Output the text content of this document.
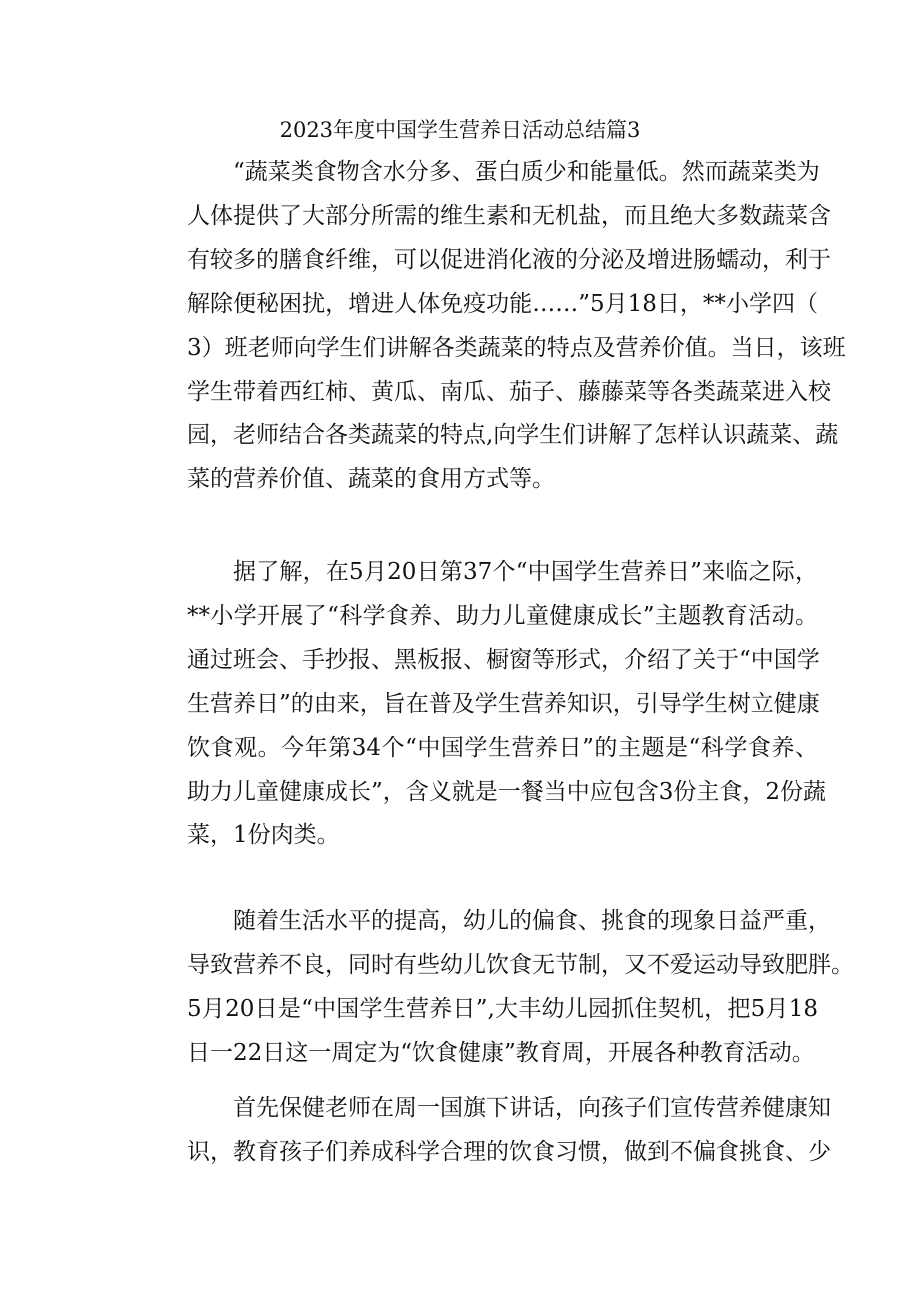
2023年度中国学生营养日活动总结篇3
“蔬菜类食物含水分多、蛋白质少和能量低。然而蔬菜类为
人体提供了大部分所需的维生素和无机盐，而且绝大多数蔬菜含
有较多的膳食纤维，可以促进消化液的分泌及增进肠蠕动，利于
解除便秘困扰，增进人体免疫功能……”5月18日，**小学四（
3）班老师向学生们讲解各类蔬菜的特点及营养价值。当日，该班
学生带着西红柿、黄瓜、南瓜、茄子、藤藤菜等各类蔬菜进入校
园，老师结合各类蔬菜的特点,向学生们讲解了怎样认识蔬菜、蔬
菜的营养价值、蔬菜的食用方式等。
据了解，在5月20日第37个“中国学生营养日”来临之际，
**小学开展了“科学食养、助力儿童健康成长”主题教育活动。
通过班会、手抄报、黑板报、橱窗等形式，介绍了关于“中国学
生营养日”的由来，旨在普及学生营养知识，引导学生树立健康
饮食观。今年第34个“中国学生营养日”的主题是“科学食养、
助力儿童健康成长”，含义就是一餐当中应包含3份主食，2份蔬
菜，1份肉类。
随着生活水平的提高，幼儿的偏食、挑食的现象日益严重，
导致营养不良，同时有些幼儿饮食无节制，又不爱运动导致肥胖。
5月20日是“中国学生营养日”,大丰幼儿园抓住契机，把5月18
日一22日这一周定为“饮食健康”教育周，开展各种教育活动。
首先保健老师在周一国旗下讲话，向孩子们宣传营养健康知
识，教育孩子们养成科学合理的饮食习惯，做到不偏食挑食、少
